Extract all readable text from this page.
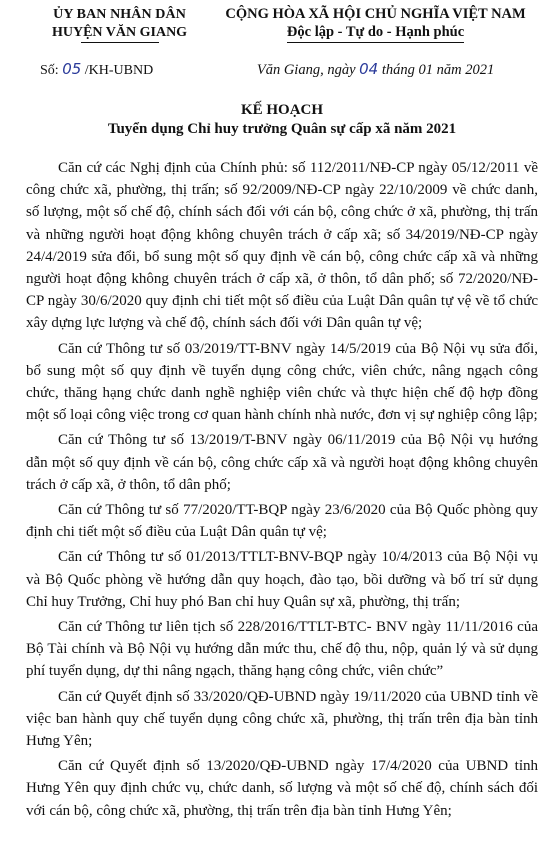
ỦY BAN NHÂN DÂN
HUYỆN VĂN GIANG
Số: 05 /KH-UBND
CỘNG HÒA XÃ HỘI CHỦ NGHĨA VIỆT NAM
Độc lập - Tự do - Hạnh phúc
Văn Giang, ngày 04 tháng 01 năm 2021
KẾ HOẠCH
Tuyển dụng Chỉ huy trưởng Quân sự cấp xã năm 2021

Căn cứ các Nghị định của Chính phủ: số 112/2011/NĐ-CP ngày 05/12/2011 về công chức xã, phường, thị trấn; số 92/2009/NĐ-CP ngày 22/10/2009 về chức danh, số lượng, một số chế độ, chính sách đối với cán bộ, công chức ở xã, phường, thị trấn và những người hoạt động không chuyên trách ở cấp xã; số 34/2019/NĐ-CP ngày 24/4/2019 sửa đổi, bổ sung một số quy định về cán bộ, công chức cấp xã và những người hoạt động không chuyên trách ở cấp xã, ở thôn, tổ dân phố; số 72/2020/NĐ-CP ngày 30/6/2020 quy định chi tiết một số điều của Luật Dân quân tự vệ về tổ chức xây dựng lực lượng và chế độ, chính sách đối với Dân quân tự vệ;

Căn cứ Thông tư số 03/2019/TT-BNV ngày 14/5/2019 của Bộ Nội vụ sửa đổi, bổ sung một số quy định về tuyển dụng công chức, viên chức, nâng ngạch công chức, thăng hạng chức danh nghề nghiệp viên chức và thực hiện chế độ hợp đồng một số loại công việc trong cơ quan hành chính nhà nước, đơn vị sự nghiệp công lập;

Căn cứ Thông tư số 13/2019/T-BNV ngày 06/11/2019 của Bộ Nội vụ hướng dẫn một số quy định về cán bộ, công chức cấp xã và người hoạt động không chuyên trách ở cấp xã, ở thôn, tổ dân phố;

Căn cứ Thông tư số 77/2020/TT-BQP ngày 23/6/2020 của Bộ Quốc phòng quy định chi tiết một số điều của Luật Dân quân tự vệ;

Căn cứ Thông tư số 01/2013/TTLT-BNV-BQP ngày 10/4/2013 của Bộ Nội vụ và Bộ Quốc phòng về hướng dẫn quy hoạch, đào tạo, bồi dưỡng và bố trí sử dụng Chỉ huy Trưởng, Chỉ huy phó Ban chỉ huy Quân sự xã, phường, thị trấn;

Căn cứ Thông tư liên tịch số 228/2016/TTLT-BTC- BNV ngày 11/11/2016 của Bộ Tài chính và Bộ Nội vụ hướng dẫn mức thu, chế độ thu, nộp, quản lý và sử dụng phí tuyển dụng, dự thi nâng ngạch, thăng hạng công chức, viên chức”

Căn cứ Quyết định số 33/2020/QĐ-UBND ngày 19/11/2020 của UBND tỉnh về việc ban hành quy chế tuyển dụng công chức xã, phường, thị trấn trên địa bàn tỉnh Hưng Yên;

Căn cứ Quyết định số 13/2020/QĐ-UBND ngày 17/4/2020 của UBND tỉnh Hưng Yên quy định chức vụ, chức danh, số lượng và một số chế độ, chính sách đối với cán bộ, công chức xã, phường, thị trấn trên địa bàn tỉnh Hưng Yên;
